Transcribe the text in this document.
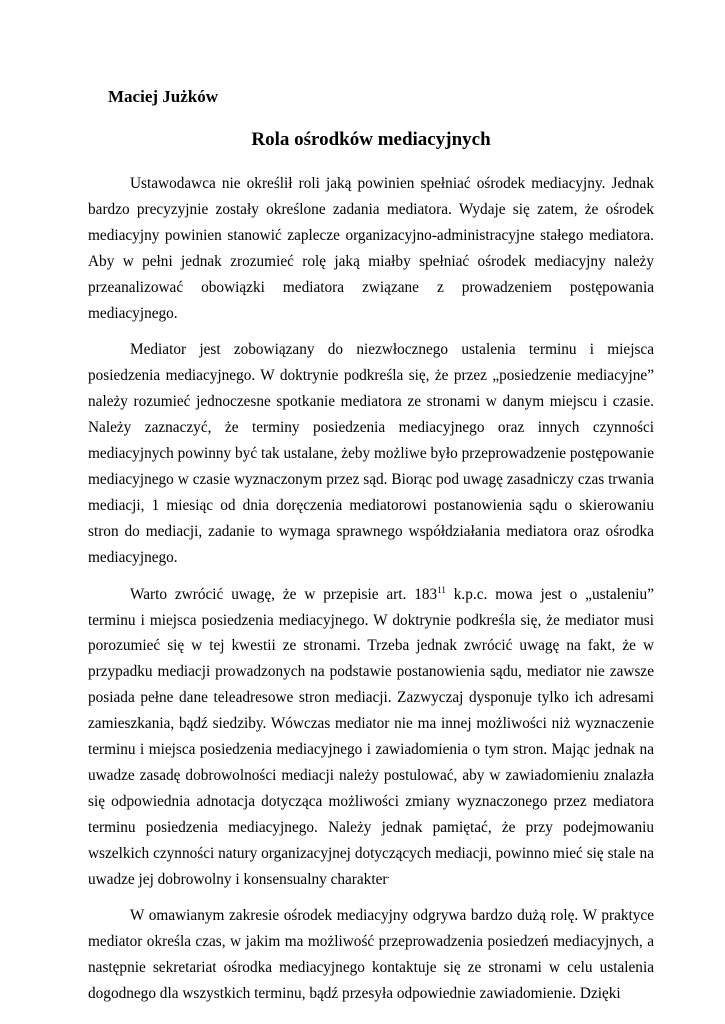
Maciej Jużków
Rola ośrodków mediacyjnych

Ustawodawca nie określił roli jaką powinien spełniać ośrodek mediacyjny. Jednak bardzo precyzyjnie zostały określone zadania mediatora. Wydaje się zatem, że ośrodek mediacyjny powinien stanowić zaplecze organizacyjno-administracyjne stałego mediatora. Aby w pełni jednak zrozumieć rolę jaką miałby spełniać ośrodek mediacyjny należy przeanalizować obowiązki mediatora związane z prowadzeniem postępowania mediacyjnego.

Mediator jest zobowiązany do niezwłocznego ustalenia terminu i miejsca posiedzenia mediacyjnego. W doktrynie podkreśla się, że przez „posiedzenie mediacyjne” należy rozumieć jednoczesne spotkanie mediatora ze stronami w danym miejscu i czasie. Należy zaznaczyć, że terminy posiedzenia mediacyjnego oraz innych czynności mediacyjnych powinny być tak ustalane, żeby możliwe było przeprowadzenie postępowanie mediacyjnego w czasie wyznaczonym przez sąd. Biorąc pod uwagę zasadniczy czas trwania mediacji, 1 miesiąc od dnia doręczenia mediatorowi postanowienia sądu o skierowaniu stron do mediacji, zadanie to wymaga sprawnego współdziałania mediatora oraz ośrodka mediacyjnego.

Warto zwrócić uwagę, że w przepisie art. $183^{11}$ k.p.c. mowa jest o „ustaleniu” terminu i miejsca posiedzenia mediacyjnego. W doktrynie podkreśla się, że mediator musi porozumieć się w tej kwestii ze stronami. Trzeba jednak zwrócić uwagę na fakt, że w przypadku mediacji prowadzonych na podstawie postanowienia sądu, mediator nie zawsze posiada pełne dane teleadresowe stron mediacji. Zazwyczaj dysponuje tylko ich adresami zamieszkania, bądź siedziby. Wówczas mediator nie ma innej możliwości niż wyznaczenie terminu i miejsca posiedzenia mediacyjnego i zawiadomienia o tym stron. Mając jednak na uwadze zasadę dobrowolności mediacji należy postulować, aby w zawiadomieniu znalazła się odpowiednia adnotacja dotycząca możliwości zmiany wyznaczonego przez mediatora terminu posiedzenia mediacyjnego. Należy jednak pamiętać, że przy podejmowaniu wszelkich czynności natury organizacyjnej dotyczących mediacji, powinno mieć się stale na uwadze jej dobrowolny i konsensualny charakter.

W omawianym zakresie ośrodek mediacyjny odgrywa bardzo dużą rolę. W praktyce mediator określa czas, w jakim ma możliwość przeprowadzenia posiedzeń mediacyjnych, a następnie sekretariat ośrodka mediacyjnego kontaktuje się ze stronami w celu ustalenia dogodnego dla wszystkich terminu, bądź przesyła odpowiednie zawiadomienie. Dzięki
